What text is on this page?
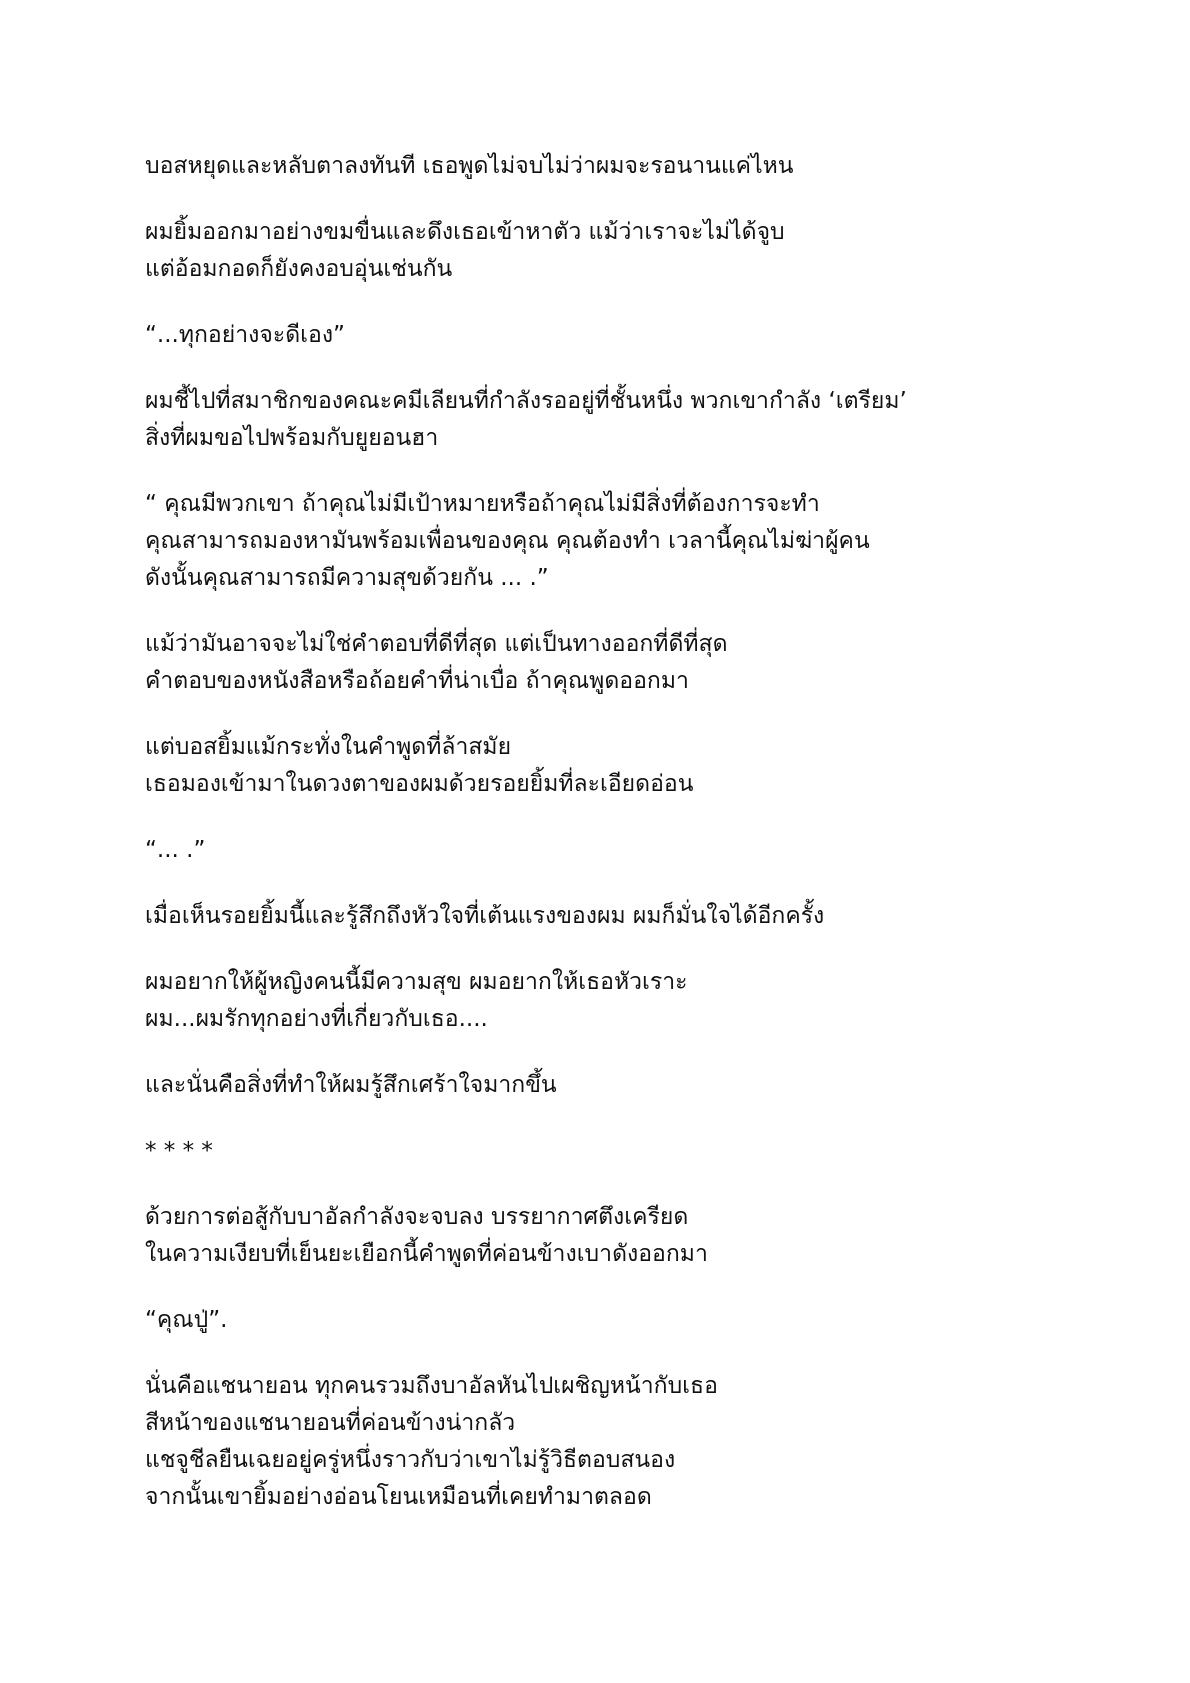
บอสหยุดและหลับตาลงทันที เธอพูดไม่จบไม่ว่าผมจะรอนานแค่ไหน

ผมยิ้มออกมาอย่างขมขื่นและดึงเธอเข้าหาตัว แม้ว่าเราจะไม่ได้จูบ
แต่อ้อมกอดก็ยังคงอบอุ่นเช่นกัน

“...ทุกอย่างจะดีเอง”

ผมชี้ไปที่สมาชิกของคณะคมีเลียนที่กำลังรออยู่ที่ชั้นหนึ่ง พวกเขากำลัง ‘เตรียม’
สิ่งที่ผมขอไปพร้อมกับยูยอนฮา

“ คุณมีพวกเขา ถ้าคุณไม่มีเป้าหมายหรือถ้าคุณไม่มีสิ่งที่ต้องการจะทำ
คุณสามารถมองหามันพร้อมเพื่อนของคุณ คุณต้องทำ เวลานี้คุณไม่ฆ่าผู้คน
ดังนั้นคุณสามารถมีความสุขด้วยกัน ... .”

แม้ว่ามันอาจจะไม่ใช่คำตอบที่ดีที่สุด แต่เป็นทางออกที่ดีที่สุด
คำตอบของหนังสือหรือถ้อยคำที่น่าเบื่อ ถ้าคุณพูดออกมา

แต่บอสยิ้มแม้กระทั่งในคำพูดที่ล้าสมัย
เธอมองเข้ามาในดวงตาของผมด้วยรอยยิ้มที่ละเอียดอ่อน

“... .”

เมื่อเห็นรอยยิ้มนี้และรู้สึกถึงหัวใจที่เต้นแรงของผม ผมก็มั่นใจได้อีกครั้ง

ผมอยากให้ผู้หญิงคนนี้มีความสุข ผมอยากให้เธอหัวเราะ
ผม...ผมรักทุกอย่างที่เกี่ยวกับเธอ....

และนั่นคือสิ่งที่ทำให้ผมรู้สึกเศร้าใจมากขึ้น

* * * *

ด้วยการต่อสู้กับบาอัลกำลังจะจบลง บรรยากาศตึงเครียด
ในความเงียบที่เย็นยะเยือกนี้คำพูดที่ค่อนข้างเบาดังออกมา

“คุณปู่”.

นั่นคือแชนายอน ทุกคนรวมถึงบาอัลหันไปเผชิญหน้ากับเธอ
สีหน้าของแชนายอนที่ค่อนข้างน่ากลัว
แชจูชีลยืนเฉยอยู่ครู่หนึ่งราวกับว่าเขาไม่รู้วิธีตอบสนอง
จากนั้นเขายิ้มอย่างอ่อนโยนเหมือนที่เคยทำมาตลอด
